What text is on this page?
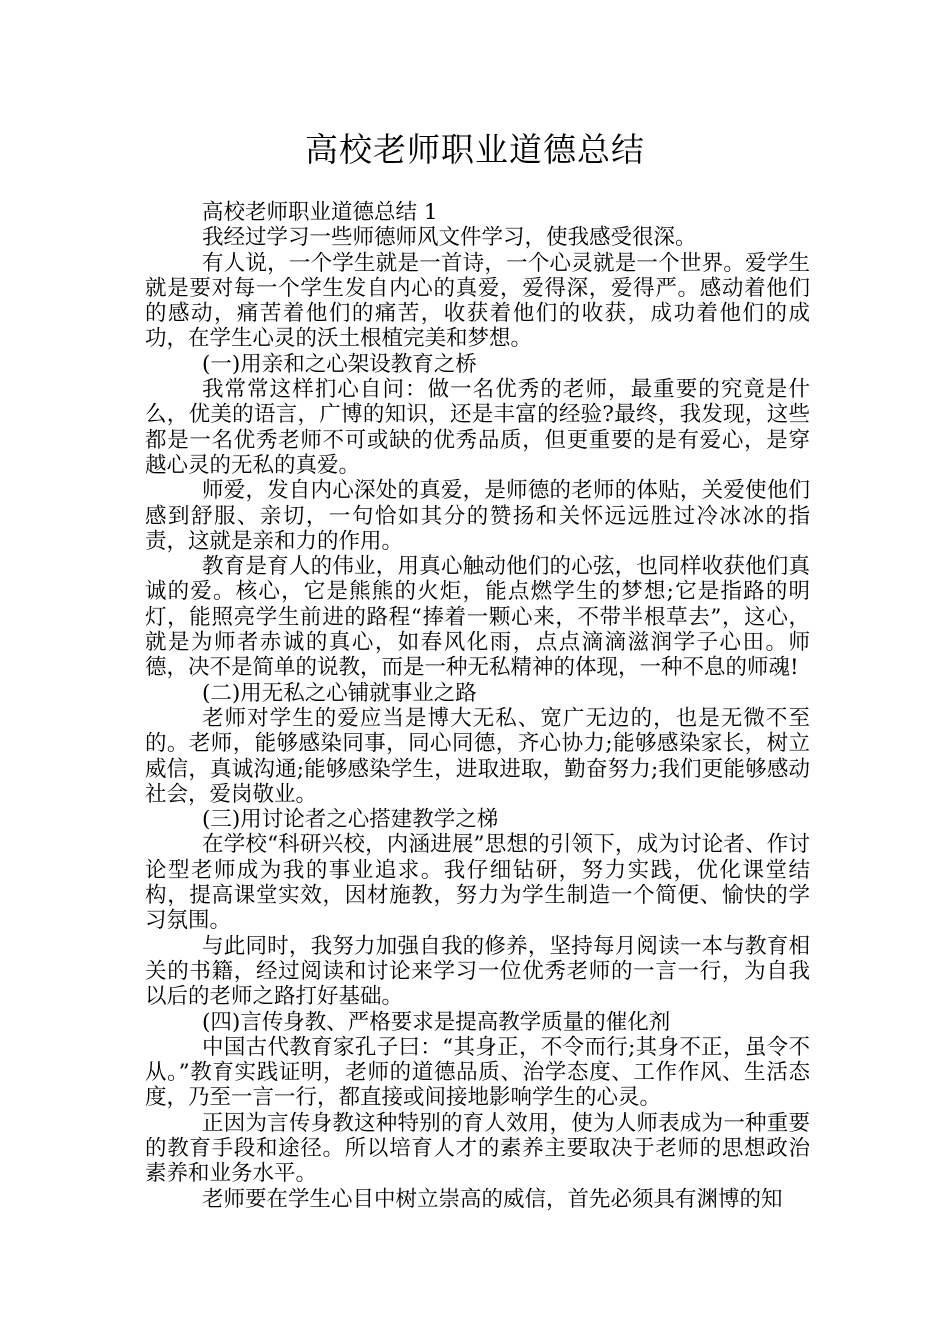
高校老师职业道德总结

高校老师职业道德总结 1

我经过学习一些师德师风文件学习，使我感受很深。

有人说，一个学生就是一首诗，一个心灵就是一个世界。爱学生就是要对每一个学生发自内心的真爱，爱得深，爱得严。感动着他们的感动，痛苦着他们的痛苦，收获着他们的收获，成功着他们的成功，在学生心灵的沃土根植完美和梦想。

(一)用亲和之心架设教育之桥

我常常这样扪心自问：做一名优秀的老师，最重要的究竟是什么，优美的语言，广博的知识，还是丰富的经验?最终，我发现，这些都是一名优秀老师不可或缺的优秀品质，但更重要的是有爱心，是穿越心灵的无私的真爱。

师爱，发自内心深处的真爱，是师德的老师的体贴，关爱使他们感到舒服、亲切，一句恰如其分的赞扬和关怀远远胜过冷冰冰的指责，这就是亲和力的作用。

教育是育人的伟业，用真心触动他们的心弦，也同样收获他们真诚的爱。核心，它是熊熊的火炬，能点燃学生的梦想;它是指路的明灯，能照亮学生前进的路程“捧着一颗心来，不带半根草去”，这心，就是为师者赤诚的真心，如春风化雨，点点滴滴滋润学子心田。师德，决不是简单的说教，而是一种无私精神的体现，一种不息的师魂!

(二)用无私之心铺就事业之路

老师对学生的爱应当是博大无私、宽广无边的，也是无微不至的。老师，能够感染同事，同心同德，齐心协力;能够感染家长，树立威信，真诚沟通;能够感染学生，进取进取，勤奋努力;我们更能够感动社会，爱岗敬业。

(三)用讨论者之心搭建教学之梯

在学校“科研兴校，内涵进展”思想的引领下，成为讨论者、作讨论型老师成为我的事业追求。我仔细钻研，努力实践，优化课堂结构，提高课堂实效，因材施教，努力为学生制造一个简便、愉快的学习氛围。

与此同时，我努力加强自我的修养，坚持每月阅读一本与教育相关的书籍，经过阅读和讨论来学习一位优秀老师的一言一行，为自我以后的老师之路打好基础。

(四)言传身教、严格要求是提高教学质量的催化剂

中国古代教育家孔子曰：“其身正，不令而行;其身不正，虽令不从。”教育实践证明，老师的道德品质、治学态度、工作作风、生活态度，乃至一言一行，都直接或间接地影响学生的心灵。

正因为言传身教这种特别的育人效用，使为人师表成为一种重要的教育手段和途径。所以培育人才的素养主要取决于老师的思想政治素养和业务水平。

老师要在学生心目中树立崇高的威信，首先必须具有渊博的知
